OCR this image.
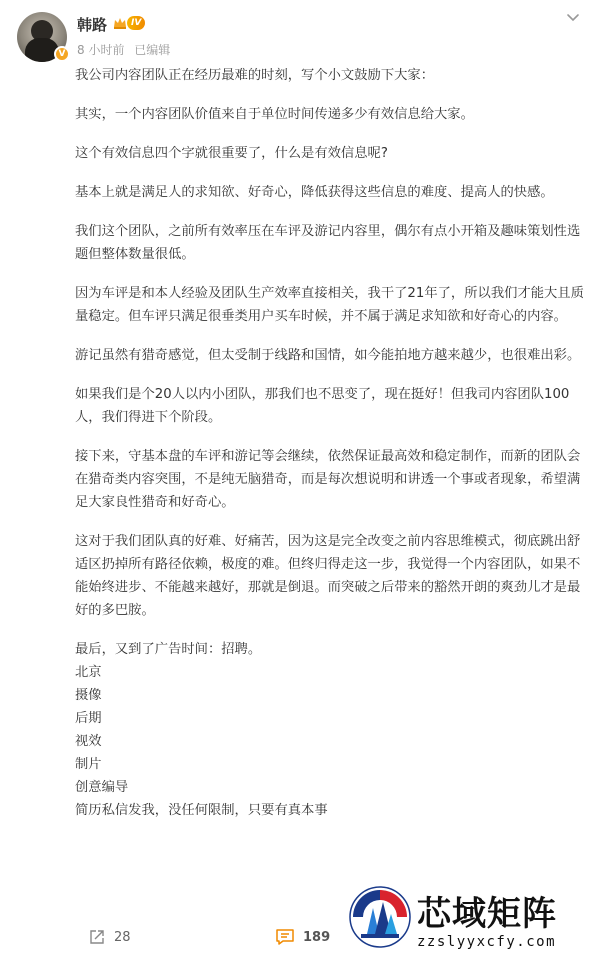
V
韩路	IV
8 小时前 已编辑

我公司内容团队正在经历最难的时刻，写个小文鼓励下大家：

其实，一个内容团队价值来自于单位时间传递多少有效信息给大家。

这个有效信息四个字就很重要了，什么是有效信息呢?

基本上就是满足人的求知欲、好奇心，降低获得这些信息的难度、提高人的快感。

我们这个团队，之前所有效率压在车评及游记内容里，偶尔有点小开箱及趣味策划性选题但整体数量很低。

因为车评是和本人经验及团队生产效率直接相关，我干了21年了，所以我们才能大且质量稳定。但车评只满足很垂类用户买车时候，并不属于满足求知欲和好奇心的内容。

游记虽然有猎奇感觉，但太受制于线路和国情，如今能拍地方越来越少，也很难出彩。

如果我们是个20人以内小团队，那我们也不思变了，现在挺好！但我司内容团队100人，我们得进下个阶段。

接下来，守基本盘的车评和游记等会继续，依然保证最高效和稳定制作，而新的团队会在猎奇类内容突围，不是纯无脑猎奇，而是每次想说明和讲透一个事或者现象，希望满足大家良性猎奇和好奇心。

这对于我们团队真的好难、好痛苦，因为这是完全改变之前内容思维模式，彻底跳出舒适区扔掉所有路径依赖，极度的难。但终归得走这一步，我觉得一个内容团队，如果不能始终进步、不能越来越好，那就是倒退。而突破之后带来的豁然开朗的爽劲儿才是最好的多巴胺。

最后，又到了广告时间：招聘。

北京

摄像

后期

视效

制片

创意编导

简历私信发我，没任何限制，只要有真本事

28	189
芯域矩阵
zzslyyxcfy.com
